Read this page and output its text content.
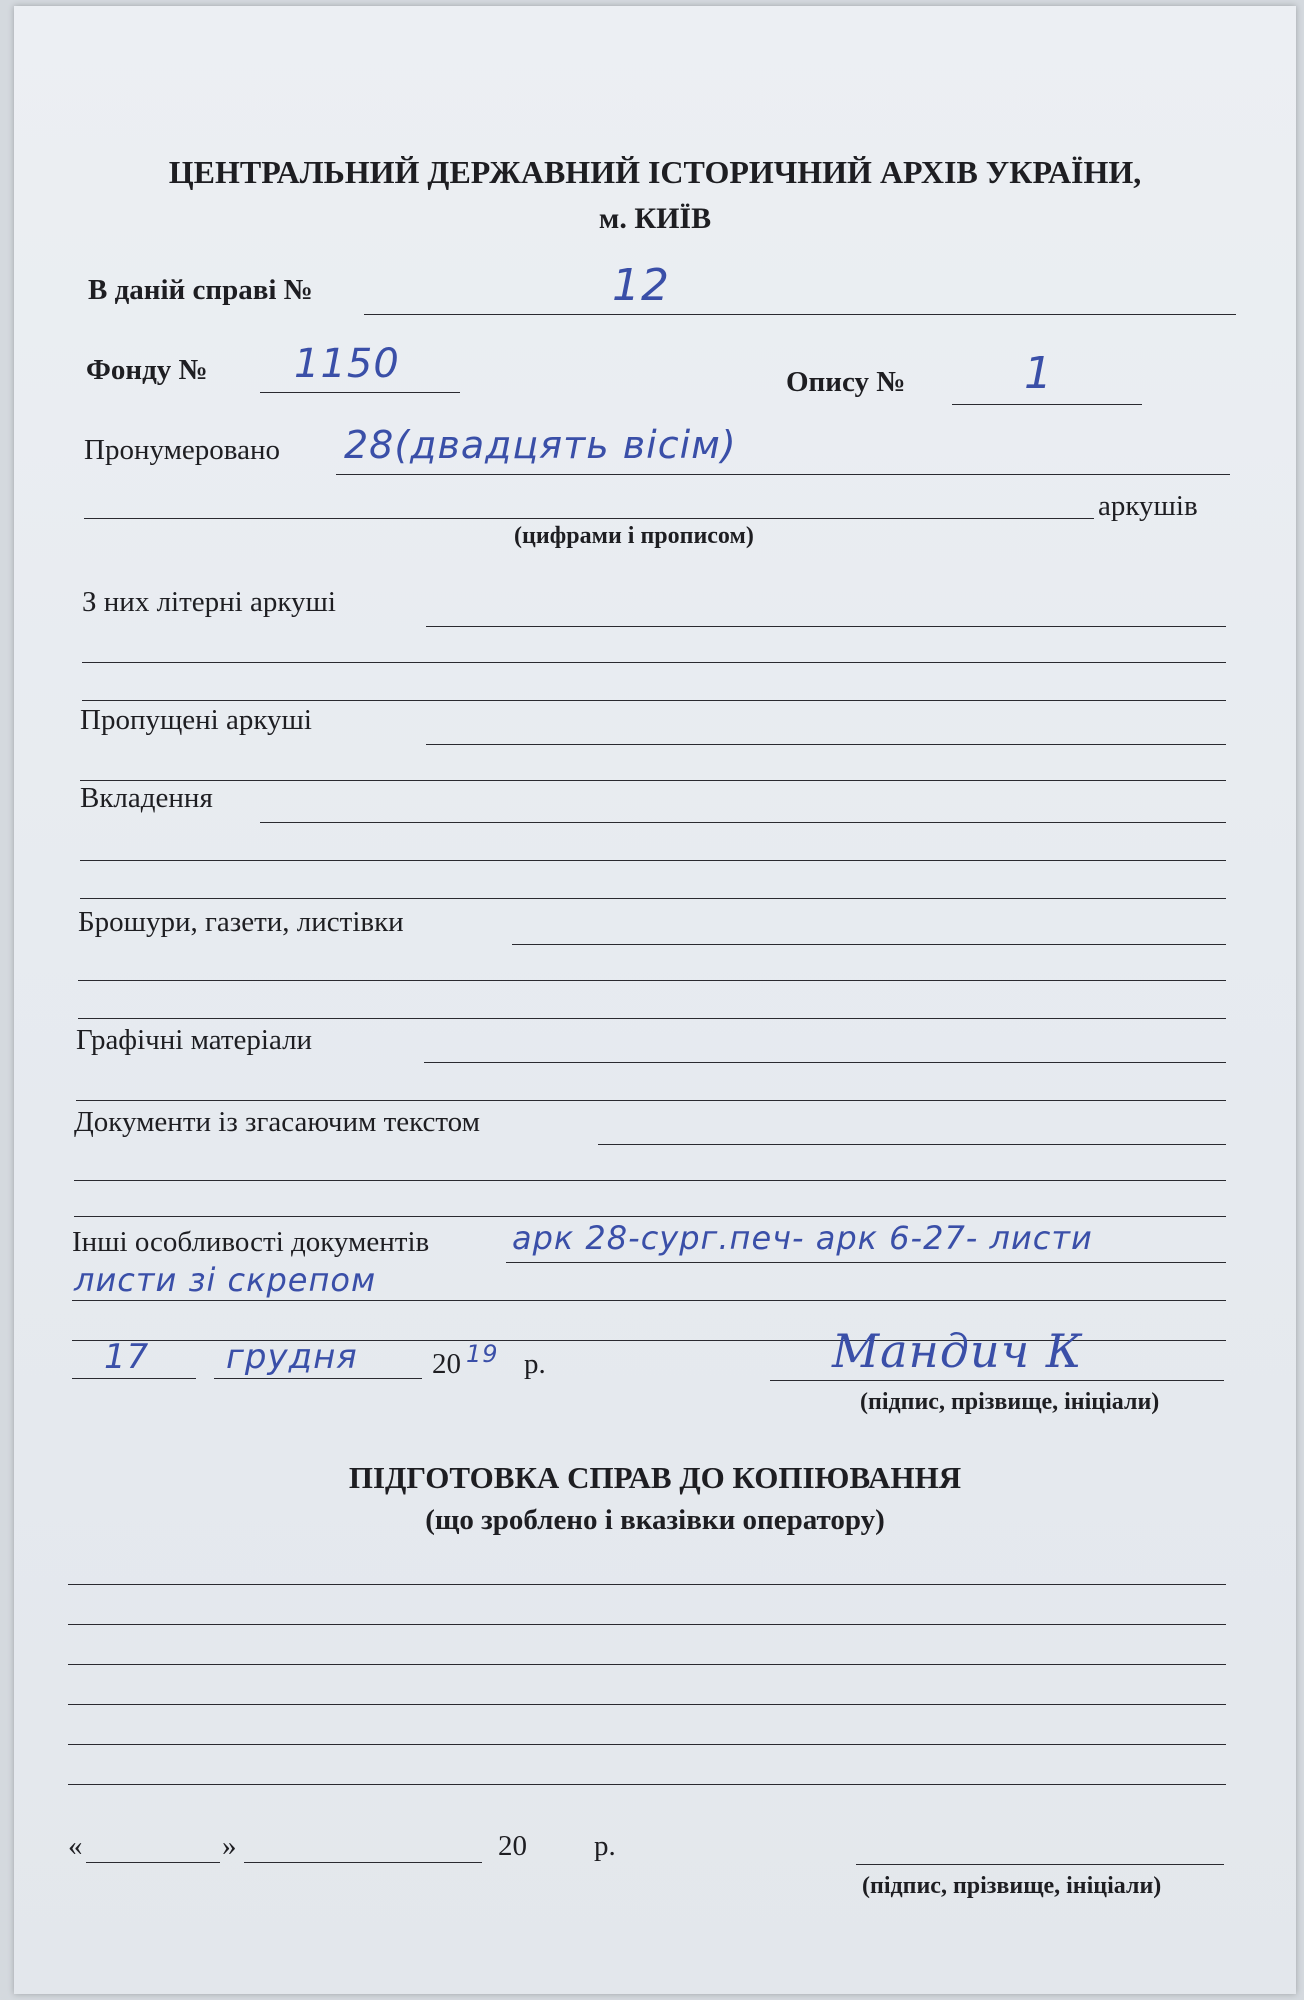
ЦЕНТРАЛЬНИЙ ДЕРЖАВНИЙ ІСТОРИЧНИЙ АРХІВ УКРАЇНИ,
м. КИЇВ
В даній справі №	12
Фонду № 1150	Опису №	1
Пронумеровано 28(двадцять вісім)
аркушів
(цифрами і прописом)
З них літерні аркуші
Пропущені аркуші
Вкладення
Брошури, газети, листівки
Графічні матеріали
Документи із згасаючим текстом
Інші особливості документів	арк 28-сург.печ- арк 6-27- листи
листи зі скрепом
17 грудня	20 19 р.	Мандич К
(підпис, прізвище, ініціали)
ПІДГОТОВКА СПРАВ ДО КОПІЮВАННЯ
(що зроблено і вказівки оператору)
«	»	20 р.
(підпис, прізвище, ініціали)
